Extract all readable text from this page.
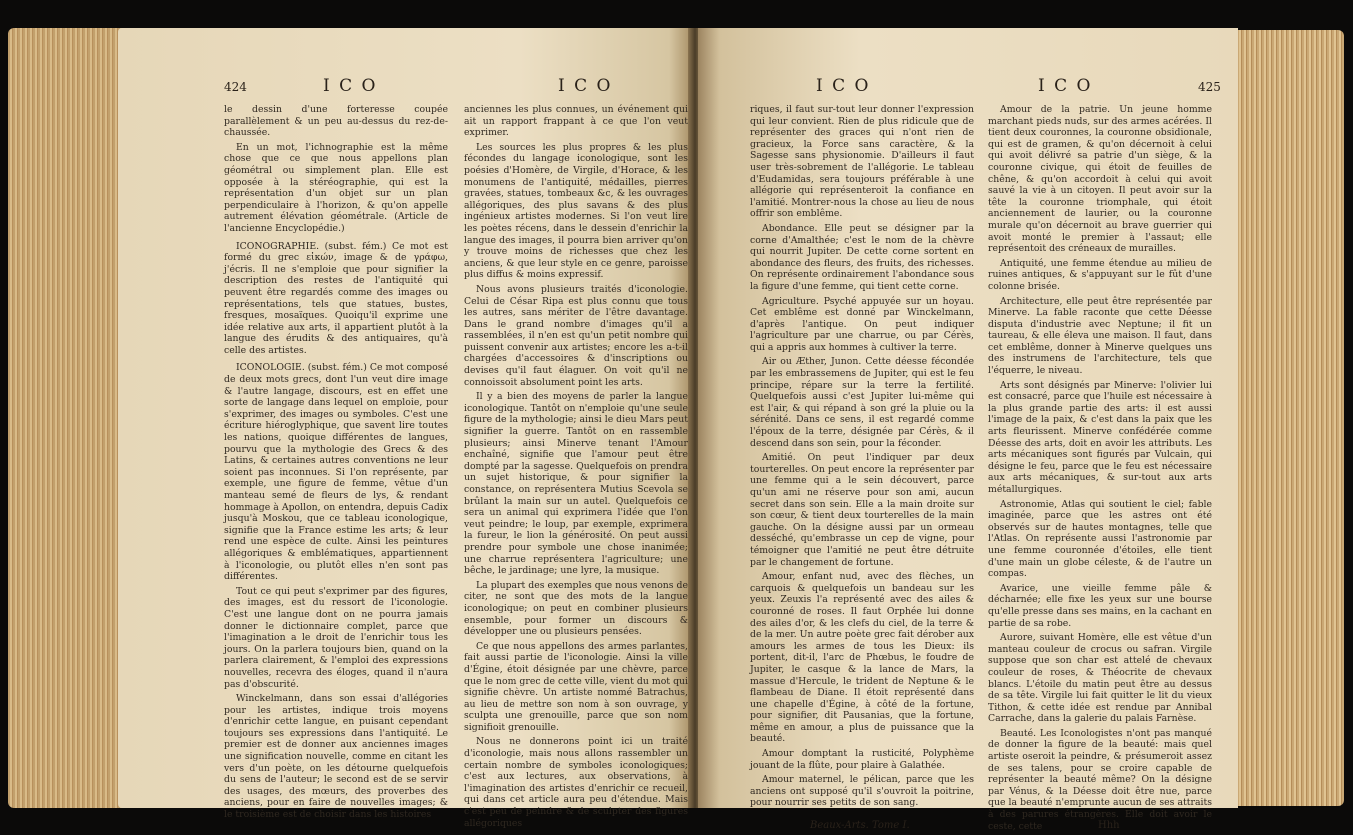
424	I C O	I C O

le dessin d'une forteresse coupée parallèlement & un peu au-dessus du rez-de-chaussée.

En un mot, l'ichnographie est la même chose que ce que nous appellons plan géométral ou simplement plan. Elle est opposée à la stéréographie, qui est la représentation d'un objet sur un plan perpendiculaire à l'horizon, & qu'on appelle autrement élévation géométrale. (Article de l'ancienne Encyclopédie.)

ICONOGRAPHIE. (subst. fém.) Ce mot est formé du grec εἰκών, image & de γράφω, j'écris. Il ne s'emploie que pour signifier la description des restes de l'antiquité qui peuvent être regardés comme des images ou représentations, tels que statues, bustes, fresques, mosaïques. Quoiqu'il exprime une idée relative aux arts, il appartient plutôt à la langue des érudits & des antiquaires, qu'à celle des artistes.

ICONOLOGIE. (subst. fém.) Ce mot composé de deux mots grecs, dont l'un veut dire image & l'autre langage, discours, est en effet une sorte de langage dans lequel on emploie, pour s'exprimer, des images ou symboles. C'est une écriture hiéroglyphique, que savent lire toutes les nations, quoique différentes de langues, pourvu que la mythologie des Grecs & des Latins, & certaines autres conventions ne leur soient pas inconnues. Si l'on représente, par exemple, une figure de femme, vêtue d'un manteau semé de fleurs de lys, & rendant hommage à Apollon, on entendra, depuis Cadix jusqu'à Moskou, que ce tableau iconologique, signifie que la France estime les arts; & leur rend une espèce de culte. Ainsi les peintures allégoriques & emblématiques, appartiennent à l'iconologie, ou plutôt elles n'en sont pas différentes.

Tout ce qui peut s'exprimer par des figures, des images, est du ressort de l'iconologie. C'est une langue dont on ne pourra jamais donner le dictionnaire complet, parce que l'imagination a le droit de l'enrichir tous les jours. On la parlera toujours bien, quand on la parlera clairement, & l'emploi des expressions nouvelles, recevra des éloges, quand il n'aura pas d'obscurité.

Winckelmann, dans son essai d'allégories pour les artistes, indique trois moyens d'enrichir cette langue, en puisant cependant toujours ses expressions dans l'antiquité. Le premier est de donner aux anciennes images une signification nouvelle, comme en citant les vers d'un poète, on les détourne quelquefois du sens de l'auteur; le second est de se servir des usages, des mœurs, des proverbes des anciens, pour en faire de nouvelles images; & le troisième est de choisir dans les histoires

anciennes les plus connues, un événement qui ait un rapport frappant à ce que l'on veut exprimer.

Les sources les plus propres & les plus fécondes du langage iconologique, sont les poésies d'Homère, de Virgile, d'Horace, & les monumens de l'antiquité, médailles, pierres gravées, statues, tombeaux &c, & les ouvrages allégoriques, des plus savans & des plus ingénieux artistes modernes. Si l'on veut lire les poètes récens, dans le dessein d'enrichir la langue des images, il pourra bien arriver qu'on y trouve moins de richesses que chez les anciens, & que leur style en ce genre, paroisse plus diffus & moins expressif.

Nous avons plusieurs traités d'iconologie. Celui de César Ripa est plus connu que tous les autres, sans mériter de l'être davantage. Dans le grand nombre d'images qu'il a rassemblées, il n'en est qu'un petit nombre qui puissent convenir aux artistes; encore les a-t-il chargées d'accessoires & d'inscriptions ou devises qu'il faut élaguer. On voit qu'il ne connoissoit absolument point les arts.

Il y a bien des moyens de parler la langue iconologique. Tantôt on n'emploie qu'une seule figure de la mythologie; ainsi le dieu Mars peut signifier la guerre. Tantôt on en rassemble plusieurs; ainsi Minerve tenant l'Amour enchaîné, signifie que l'amour peut être dompté par la sagesse. Quelquefois on prendra un sujet historique, & pour signifier la constance, on représentera Mutius Scevola se brûlant la main sur un autel. Quelquefois ce sera un animal qui exprimera l'idée que l'on veut peindre; le loup, par exemple, exprimera la fureur, le lion la générosité. On peut aussi prendre pour symbole une chose inanimée; une charrue représentera l'agriculture; une bêche, le jardinage; une lyre, la musique.

La plupart des exemples que nous venons de citer, ne sont que des mots de la langue iconologique; on peut en combiner plusieurs ensemble, pour former un discours & développer une ou plusieurs pensées.

Ce que nous appellons des armes parlantes, fait aussi partie de l'iconologie. Ainsi la ville d'Égine, étoit désignée par une chèvre, parce que le nom grec de cette ville, vient du mot qui signifie chèvre. Un artiste nommé Batrachus, au lieu de mettre son nom à son ouvrage, y sculpta une grenouille, parce que son nom signifioit grenouille.

Nous ne donnerons point ici un traité d'iconologie, mais nous allons rassembler un certain nombre de symboles iconologiques; c'est aux lectures, aux observations, à l'imagination des artistes d'enrichir ce recueil, qui dans cet article aura peu d'étendue. Mais c'est peu de peindre & de sculpter des figures allégoriques

I C O	I C O	425

riques, il faut sur-tout leur donner l'expression qui leur convient. Rien de plus ridicule que de représenter des graces qui n'ont rien de gracieux, la Force sans caractère, & la Sagesse sans physionomie. D'ailleurs il faut user très-sobrement de l'allégorie. Le tableau d'Eudamidas, sera toujours préférable à une allégorie qui représenteroit la confiance en l'amitié. Montrer-nous la chose au lieu de nous offrir son emblême.

Abondance. Elle peut se désigner par la corne d'Amalthée; c'est le nom de la chèvre qui nourrit Jupiter. De cette corne sortent en abondance des fleurs, des fruits, des richesses. On représente ordinairement l'abondance sous la figure d'une femme, qui tient cette corne.

Agriculture. Psyché appuyée sur un hoyau. Cet emblême est donné par Winckelmann, d'après l'antique. On peut indiquer l'agriculture par une charrue, ou par Cérès, qui a appris aux hommes à cultiver la terre.

Air ou Æther, Junon. Cette déesse fécondée par les embrassemens de Jupiter, qui est le feu principe, répare sur la terre la fertilité. Quelquefois aussi c'est Jupiter lui-même qui est l'air, & qui répand à son gré la pluie ou la sérénité. Dans ce sens, il est regardé comme l'époux de la terre, désignée par Cérès, & il descend dans son sein, pour la féconder.

Amitié. On peut l'indiquer par deux tourterelles. On peut encore la représenter par une femme qui a le sein découvert, parce qu'un ami ne réserve pour son ami, aucun secret dans son sein. Elle a la main droite sur son cœur, & tient deux tourterelles de la main gauche. On la désigne aussi par un ormeau desséché, qu'embrasse un cep de vigne, pour témoigner que l'amitié ne peut être détruite par le changement de fortune.

Amour, enfant nud, avec des flèches, un carquois & quelquefois un bandeau sur les yeux. Zeuxis l'a représenté avec des ailes & couronné de roses. Il faut Orphée lui donne des ailes d'or, & les clefs du ciel, de la terre & de la mer. Un autre poète grec fait dérober aux amours les armes de tous les Dieux: ils portent, dit-il, l'arc de Phœbus, le foudre de Jupiter, le casque & la lance de Mars, la massue d'Hercule, le trident de Neptune & le flambeau de Diane. Il étoit représenté dans une chapelle d'Égine, à côté de la fortune, pour signifier, dit Pausanias, que la fortune, même en amour, a plus de puissance que la beauté.

Amour domptant la rusticité, Polyphème jouant de la flûte, pour plaire à Galathée.

Amour maternel, le pélican, parce que les anciens ont supposé qu'il s'ouvroit la poitrine, pour nourrir ses petits de son sang.

Amour de la patrie. Un jeune homme marchant pieds nuds, sur des armes acérées. Il tient deux couronnes, la couronne obsidionale, qui est de gramen, & qu'on décernoit à celui qui avoit délivré sa patrie d'un siège, & la couronne civique, qui étoit de feuilles de chêne, & qu'on accordoit à celui qui avoit sauvé la vie à un citoyen. Il peut avoir sur la tête la couronne triomphale, qui étoit anciennement de laurier, ou la couronne murale qu'on décernoit au brave guerrier qui avoit monté le premier à l'assaut; elle représentoit des créneaux de murailles.

Antiquité, une femme étendue au milieu de ruines antiques, & s'appuyant sur le fût d'une colonne brisée.

Architecture, elle peut être représentée par Minerve. La fable raconte que cette Déesse disputa d'industrie avec Neptune; il fit un taureau, & elle éleva une maison. Il faut, dans cet emblême, donner à Minerve quelques uns des instrumens de l'architecture, tels que l'équerre, le niveau.

Arts sont désignés par Minerve: l'olivier lui est consacré, parce que l'huile est nécessaire à la plus grande partie des arts: il est aussi l'image de la paix, & c'est dans la paix que les arts fleurissent. Minerve confédérée comme Déesse des arts, doit en avoir les attributs. Les arts mécaniques sont figurés par Vulcain, qui désigne le feu, parce que le feu est nécessaire aux arts mécaniques, & sur-tout aux arts métallurgiques.

Astronomie, Atlas qui soutient le ciel; fable imaginée, parce que les astres ont été observés sur de hautes montagnes, telle que l'Atlas. On représente aussi l'astronomie par une femme couronnée d'étoiles, elle tient d'une main un globe céleste, & de l'autre un compas.

Avarice, une vieille femme pâle & décharnée; elle fixe les yeux sur une bourse qu'elle presse dans ses mains, en la cachant en partie de sa robe.

Aurore, suivant Homère, elle est vêtue d'un manteau couleur de crocus ou safran. Virgile suppose que son char est attelé de chevaux couleur de roses, & Théocrite de chevaux blancs. L'étoile du matin peut être au dessus de sa tête. Virgile lui fait quitter le lit du vieux Tithon, & cette idée est rendue par Annibal Carrache, dans la galerie du palais Farnèse.

Beauté. Les Iconologistes n'ont pas manqué de donner la figure de la beauté: mais quel artiste oseroit la peindre, & présumeroit assez de ses talens, pour se croire capable de représenter la beauté même? On la désigne par Vénus, & la Déesse doit être nue, parce que la beauté n'emprunte aucun de ses attraits à des parures étrangères. Elle doit avoir le ceste, cette

Beaux-Arts. Tome I.	Hhh
